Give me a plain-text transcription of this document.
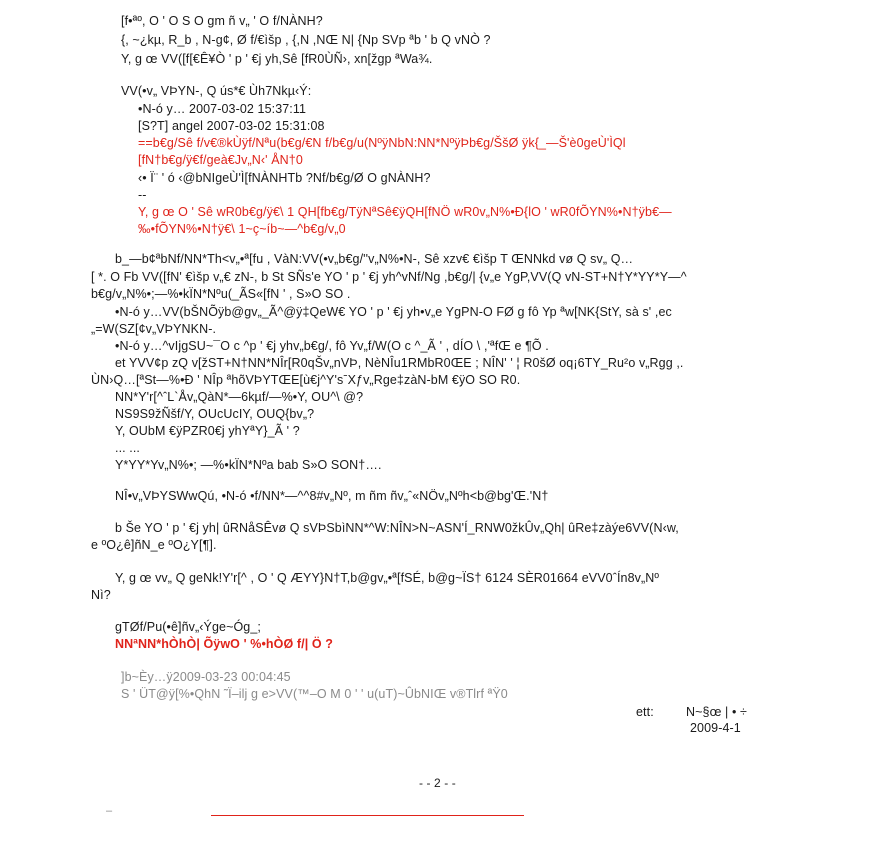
[f•ªº, O ' O S O gm ñ v„ ' O f/NÀNH?
{, ~¿kµ, R_b , N-g¢, Ø f/€ìšp , {,N ,NŒ N| {Np SVp ªb ' b Q vNÒ ?
Y, g œ VV([f[€Ê¥Ò ' p ' €j yh,Sê [fR0ÙÑ›, xn[žgp ªWa¾.
VV(•v„ VÞYN-, Q ús*€ Ùh7Nkµ‹Ý:
•N-ó y… 2007-03-02 15:37:11
[S?T] angel 2007-03-02 15:31:08
==b€g/Sê f/v€®kÙÿf/Nªu(b€g/€N f/b€g/u(NºÿNbN:NN*NºÿÞb€g/ŠšØ ÿk{_—Š'è0geÙ'ÌQl
[fN†b€g/ÿ€f/geà€Jv„N‹' ÅN†0
‹• Ï¨ ' ó ‹@bNIgeÙ'Ì[fNÀNHTb ?Nf/b€g/Ø O gNÀNH?
--
Y, g œ O ' Sê wR0b€g/ÿ€\ 1 QH[fb€g/TÿNªSê€ÿQH[fNÖ wR0v„N%•Ð{lO ' wR0fÕYN%•N†ÿb€—
‰•fÕYN%•N†ÿ€\ 1~ç~íb~—^b€g/v„0
b_—b¢ªbNf/NN*Th<v„•ª[fu , VàN:VV(•v„b€g/''v„N%•N-, Sê xzv€ €ìšp T ŒNNkd vø Q sv„ Q…
[ *. O Fb VV([fN' €ìšp v„€ zN-, b St SÑs'e YO ' p ' €j yh^vNf/Ng ,b€g/| {v„e YgP,VV(Q vN-ST+N†Y*YY*Y—^
b€g/v„N%•;—%•kÏN*Nºu(_ÃS«[fN ' , S»O SO .
•N-ó y…VV(bŠNÕÿb@gv„_Ã^@ÿ‡QeW€ YO ' p ' €j yh•v„e YgPN-O FØ g fô Yp ªw[NK{StY, sà s' ,ec
„=W(SZ[¢v„VÞYNKN-.
•N-ó y…^vIjgSU~¯O c ^p ' €j yhv„b€g/, fô Yv„f/W(O c ^_Ã ' , dÍO \ ,'ªfŒ e ¶Õ .
et YVV¢p zQ v[žST+N†NN*NÎr[R0qŠv„nVÞ, NèNÎu1RMbR0ŒE ; NÎN' ' ¦ R0šØ oq¡6TY_Ru²o v„Rgg ,.
ÙN›Q…[ªSt—%•Ð ' NÎp ªhõVÞYTŒE[ù€j^Y'sˉXƒv„Rge‡zàN-bM €ÿO SO R0.
NN*Y'r[^ˆL`Åv„QàN*—6kµf/—%•Y, OU^\ @?
NS9S9žÑšf/Y, OUcUcIY, OUQ{bv„?
Y, OUbM €ÿPZR0€j yhYªY}_Ã ' ?
... ...
Y*YY*Yv„N%•; —%•kÏN*Nºa bab S»O SON†….
NÎ•v„VÞYSWwQú, •N-ó •f/NN*—^^8#v„Nº, m ñm ñv„ˆ«NÖv„Nºh<b@bg'Œ.'N†
b Še YO ' p ' €j yh| ûRNåSÊvø Q sVÞSbìNN*^W:NÎN>N~ASN'Í_RNW0žkÛv„Qh| ûRe‡zàýe6VV(N‹w,
e ºO¿ê]ñN_e ºO¿Y[¶].
Y, g œ vv„ Q geNk!Y'r[^ , O ' Q ÆYY}N†T,b@gv„•ª[fSÉ, b@g~ÏS† 6124 SÈR01664 eVV0ˆÍn8v„Nº
Nì?
gTØf/Pu(•ê]ñv„‹Ýge~Óg_;
NNªNN*hÒhÒ| ÕÿwO ' %•hÒØ f/| Ö ?
]b~Èy…ÿ2009-03-23 00:04:45
S ' ÜT@ÿ[%•QhN ˜Ï–ilj g e>VV(™–O M 0 ' ' u(uT)~ÛbNIŒ v®Tlrf ªŸ0
ett:	N~§œ | • ÷
2009-4-1
- - 2 - -
–
